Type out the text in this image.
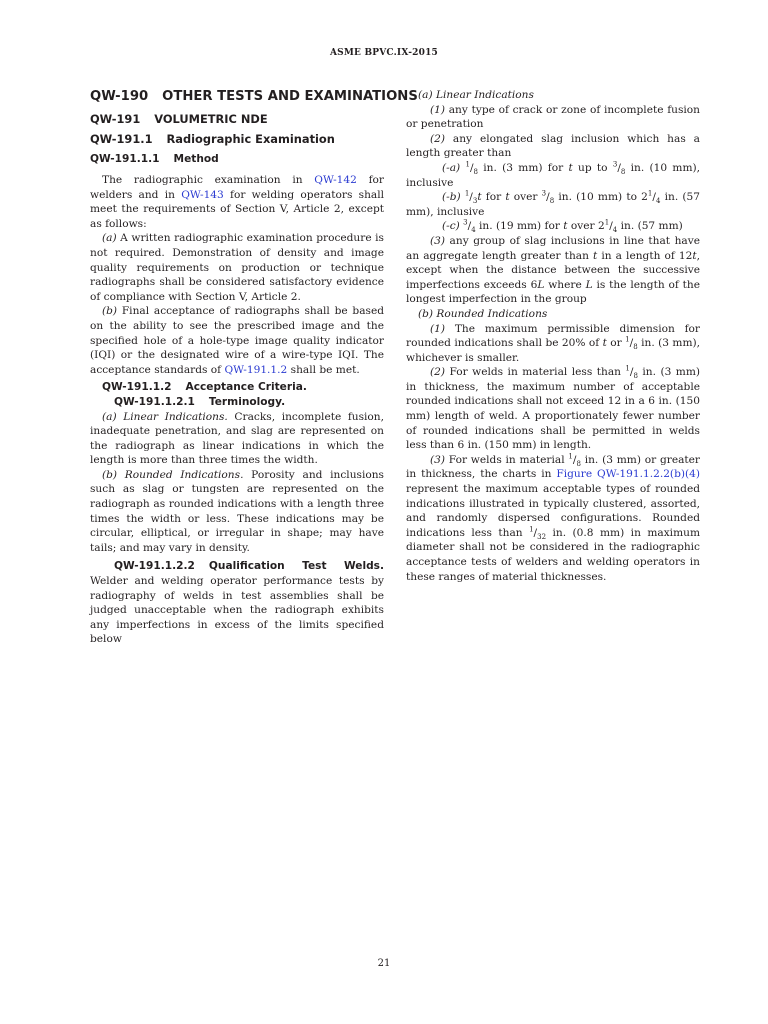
ASME BPVC.IX-2015
QW-190 OTHER TESTS AND EXAMINATIONS
QW-191 VOLUMETRIC NDE
QW-191.1 Radiographic Examination
QW-191.1.1 Method

The radiographic examination in QW-142 for welders and in QW-143 for welding operators shall meet the requirements of Section V, Article 2, except as follows:

(a) A written radiographic examination procedure is not required. Demonstration of density and image quality requirements on production or technique radiographs shall be considered satisfactory evidence of compliance with Section V, Article 2.

(b) Final acceptance of radiographs shall be based on the ability to see the prescribed image and the specified hole of a hole-type image quality indicator (IQI) or the designated wire of a wire-type IQI. The acceptance standards of QW-191.1.2 shall be met.

QW-191.1.2 Acceptance Criteria.
QW-191.1.2.1 Terminology.

(a) Linear Indications. Cracks, incomplete fusion, inadequate penetration, and slag are represented on the radiograph as linear indications in which the length is more than three times the width.

(b) Rounded Indications. Porosity and inclusions such as slag or tungsten are represented on the radiograph as rounded indications with a length three times the width or less. These indications may be circular, elliptical, or irregular in shape; may have tails; and may vary in density.

QW-191.1.2.2 Qualification Test Welds. Welder and welding operator performance tests by radiography of welds in test assemblies shall be judged unacceptable when the radiograph exhibits any imperfections in excess of the limits specified below

(a) Linear Indications

(1) any type of crack or zone of incomplete fusion or penetration

(2) any elongated slag inclusion which has a length greater than

(-a) $^1/_8$ in. (3 mm) for t up to $^3/_8$ in. (10 mm), inclusive

(-b) $^1/_3t$ for t over $^3/_8$ in. (10 mm) to $2^1/_4$ in. (57 mm), inclusive

(-c) $^3/_4$ in. (19 mm) for t over $2^1/_4$ in. (57 mm)

(3) any group of slag inclusions in line that have an aggregate length greater than t in a length of 12t, except when the distance between the successive imperfections exceeds 6L where L is the length of the longest imperfection in the group

(b) Rounded Indications

(1) The maximum permissible dimension for rounded indications shall be 20% of t or $^1/_8$ in. (3 mm), whichever is smaller.

(2) For welds in material less than $^1/_8$ in. (3 mm) in thickness, the maximum number of acceptable rounded indications shall not exceed 12 in a 6 in. (150 mm) length of weld. A proportionately fewer number of rounded indications shall be permitted in welds less than 6 in. (150 mm) in length.

(3) For welds in material $^1/_8$ in. (3 mm) or greater in thickness, the charts in Figure QW-191.1.2.2(b)(4) represent the maximum acceptable types of rounded indications illustrated in typically clustered, assorted, and randomly dispersed configurations. Rounded indications less than $^1/_{32}$ in. (0.8 mm) in maximum diameter shall not be considered in the radiographic acceptance tests of welders and welding operators in these ranges of material thicknesses.

21
